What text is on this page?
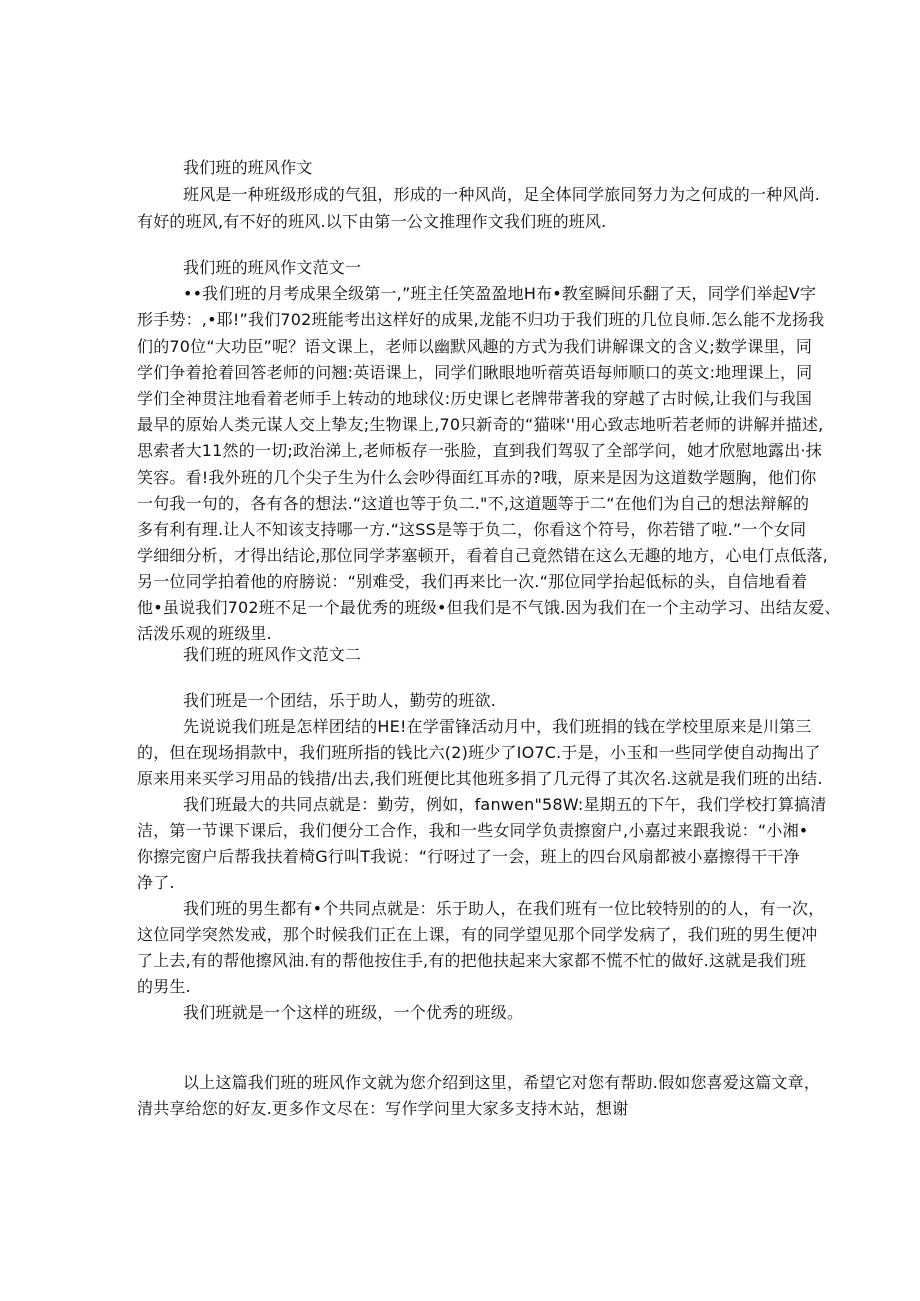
我们班的班风作文
班风是一种班级形成的气狙，形成的一种风尚，足全体同学旅同努力为之何成的一种风尚.
有好的班风,有不好的班风.以下由第一公文推理作文我们班的班风.
我们班的班风作文范文一
••我们班的月考成果全级第一,”班主任笑盈盈地H布•教室瞬间乐翻了天，同学们举起V字
形手势：,•耶!”我们702班能考出这样好的成果,龙能不归功于我们班的几位良师.怎么能不龙扬我
们的70位“大功臣”呢？语文课上，老师以幽默风趣的方式为我们讲解课文的含义;数学课里，同
学们争着抢着回答老师的问翘:英语课上，同学们瞅眼地听蓿英语每师顺口的英文:地理课上，同
学们全神贯注地看着老师手上转动的地球仪:历史课匕老牌带著我的穿越了古时候,让我们与我国
最早的原始人类元谋人交上挚友;生物课上,70只新奇的“猫咪''用心致志地听若老师的讲解并描述,
思索者大11然的一切;政治涕上,老师板存一张脸，直到我们驾驭了全部学问，她才欣慰地露出·抹
笑容。看!我外班的几个尖子生为什么会吵得面红耳赤的?哦，原来是因为这道数学题胸，他们你
一句我一句的，各有各的想法.“这道也等于负二."不,这道题等于二“在他们为自己的想法辩解的
多有利有理.让人不知该支持哪一方.“这SS是等于负二，你看这个符号，你若错了啦.”一个女同
学细细分析，才得出结论,那位同学茅塞顿开，看着自己竟然错在这么无趣的地方，心电仃点低落,
另一位同学拍着他的府膀说：“别难受，我们再来比一次.“那位同学抬起低标的头，自信地看着
他•虽说我们702班不足一个最优秀的班级•但我们是不气饿.因为我们在一个主动学习、出结友爱、
活泼乐观的班级里.
我们班的班风作文范文二
我们班是一个团结，乐于助人，勤劳的班欲.
先说说我们班是怎样团结的HE!在学雷锋活动月中，我们班捐的钱在学校里原来是川第三
的，但在现场捐款中，我们班所指的钱比六(2)班少了IO7C.于是，小玉和一些同学使自动掏出了
原来用来买学习用品的钱措/出去,我们班便比其他班多捐了几元得了其次名.这就是我们班的出结.
我们班最大的共同点就是：勤劳，例如，fanwen"58W:星期五的下午，我们学校打算搞清
洁，第一节课下课后，我们便分工合作，我和一些女同学负责擦窗户,小嘉过来跟我说：“小湘•
你擦完窗户后帮我扶着椅G行叫T我说：“行呀过了一会，班上的四台风扇都被小嘉擦得干干净
净了.
我们班的男生都有•个共同点就是：乐于助人，在我们班有一位比较特别的的人，有一次，
这位同学突然发戒，那个时候我们正在上课，有的同学望见那个同学发病了，我们班的男生便冲
了上去,有的帮他擦风油.有的帮他按住手,有的把他扶起来大家都不慌不忙的做好.这就是我们班
的男生.
我们班就是一个这样的班级，一个优秀的班级。
以上这篇我们班的班风作文就为您介绍到这里，希望它对您有帮助.假如您喜爱这篇文章，
清共享给您的好友.更多作文尽在：写作学问里大家多支持木站，想谢
